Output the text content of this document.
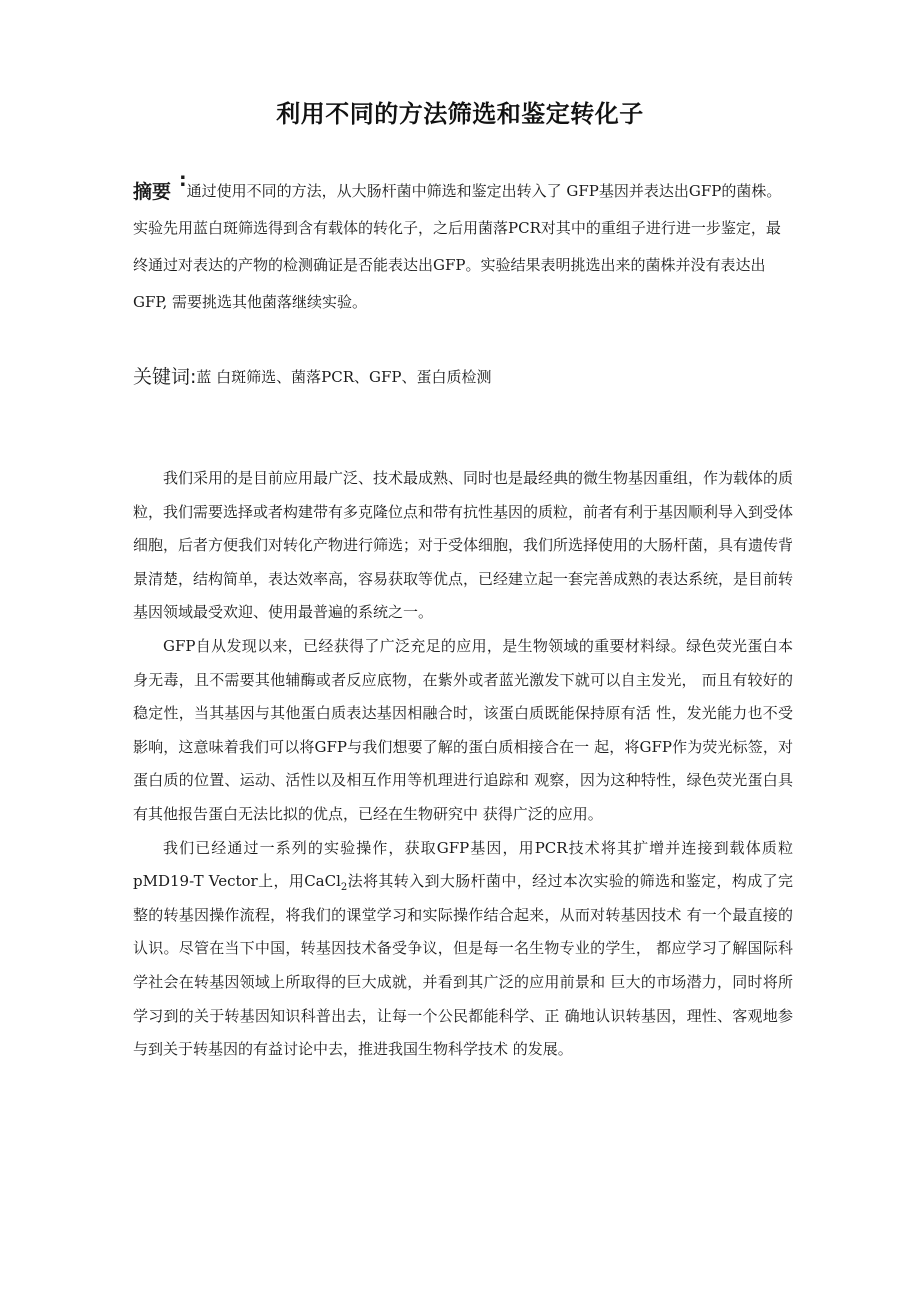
利用不同的方法筛选和鉴定转化子
摘要:通过使用不同的方法，从大肠杆菌中筛选和鉴定出转入了 GFP基因并表达出GFP的菌株。实验先用蓝白斑筛选得到含有载体的转化子，之后用菌落PCR对其中的重组子进行进一步鉴定，最终通过对表达的产物的检测确证是否能表达出GFP。实验结果表明挑选出来的菌株并没有表达出GFP, 需要挑选其他菌落继续实验。
关键词:蓝 白斑筛选、菌落PCR、GFP、蛋白质检测

我们采用的是目前应用最广泛、技术最成熟、同时也是最经典的微生物基因重组，作为载体的质粒，我们需要选择或者构建带有多克隆位点和带有抗性基因的质粒，前者有利于基因顺利导入到受体细胞，后者方便我们对转化产物进行筛选；对于受体细胞，我们所选择使用的大肠杆菌，具有遗传背景清楚，结构简单，表达效率高，容易获取等优点，已经建立起一套完善成熟的表达系统，是目前转基因领域最受欢迎、使用最普遍的系统之一。

GFP自从发现以来，已经获得了广泛充足的应用，是生物领域的重要材料绿。绿色荧光蛋白本身无毒，且不需要其他辅酶或者反应底物，在紫外或者蓝光激发下就可以自主发光， 而且有较好的稳定性，当其基因与其他蛋白质表达基因相融合时，该蛋白质既能保持原有活 性，发光能力也不受影响，这意味着我们可以将GFP与我们想要了解的蛋白质相接合在一 起，将GFP作为荧光标签，对蛋白质的位置、运动、活性以及相互作用等机理进行追踪和 观察，因为这种特性，绿色荧光蛋白具有其他报告蛋白无法比拟的优点，已经在生物研究中 获得广泛的应用。

我们已经通过一系列的实验操作，获取GFP基因，用PCR技术将其扩增并连接到载体质粒pMD19-T Vector上，用CaCl$_2$法将其转入到大肠杆菌中，经过本次实验的筛选和鉴定，构成了完整的转基因操作流程，将我们的课堂学习和实际操作结合起来，从而对转基因技术 有一个最直接的认识。尽管在当下中国，转基因技术备受争议，但是每一名生物专业的学生， 都应学习了解国际科学社会在转基因领域上所取得的巨大成就，并看到其广泛的应用前景和 巨大的市场潜力，同时将所学习到的关于转基因知识科普出去，让每一个公民都能科学、正 确地认识转基因，理性、客观地参与到关于转基因的有益讨论中去，推进我国生物科学技术 的发展。
